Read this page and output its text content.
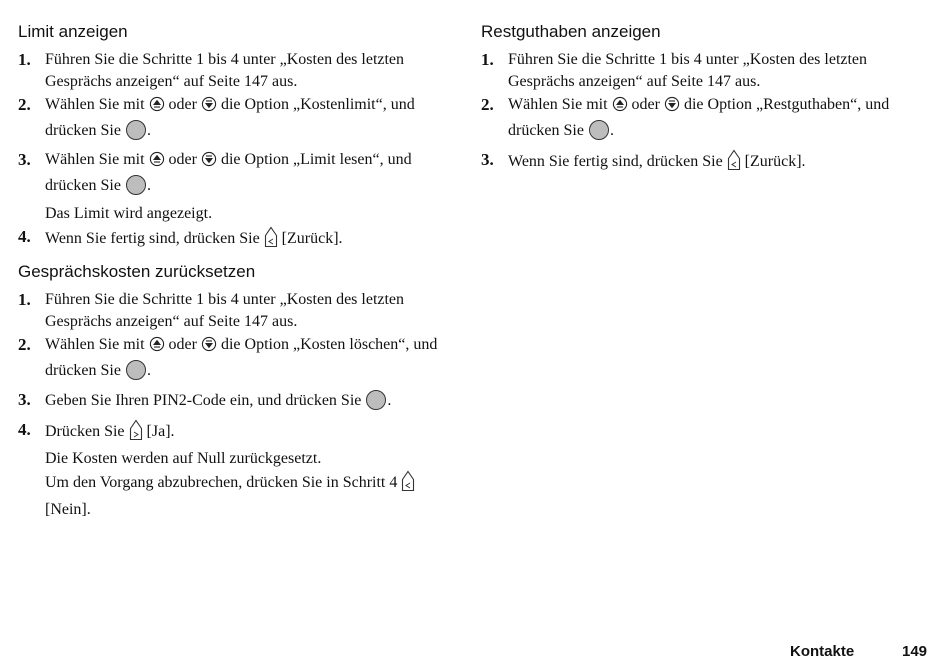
Limit anzeigen
1. Führen Sie die Schritte 1 bis 4 unter „Kosten des letzten Gesprächs anzeigen“ auf Seite 147 aus.
2. Wählen Sie mit  oder  die Option „Kostenlimit“, und drücken Sie .
3. Wählen Sie mit  oder  die Option „Limit lesen“, und drücken Sie .
Das Limit wird angezeigt.
4. Wenn Sie fertig sind, drücken Sie  [Zurück].
Gesprächskosten zurücksetzen
1. Führen Sie die Schritte 1 bis 4 unter „Kosten des letzten Gesprächs anzeigen“ auf Seite 147 aus.
2. Wählen Sie mit  oder  die Option „Kosten löschen“, und drücken Sie .
3. Geben Sie Ihren PIN2-Code ein, und drücken Sie .
4. Drücken Sie  [Ja].
Die Kosten werden auf Null zurückgesetzt.
Um den Vorgang abzubrechen, drücken Sie in Schritt 4  [Nein].
Restguthaben anzeigen
1. Führen Sie die Schritte 1 bis 4 unter „Kosten des letzten Gesprächs anzeigen“ auf Seite 147 aus.
2. Wählen Sie mit  oder  die Option „Restguthaben“, und drücken Sie .
3. Wenn Sie fertig sind, drücken Sie  [Zurück].
Kontakte	149
